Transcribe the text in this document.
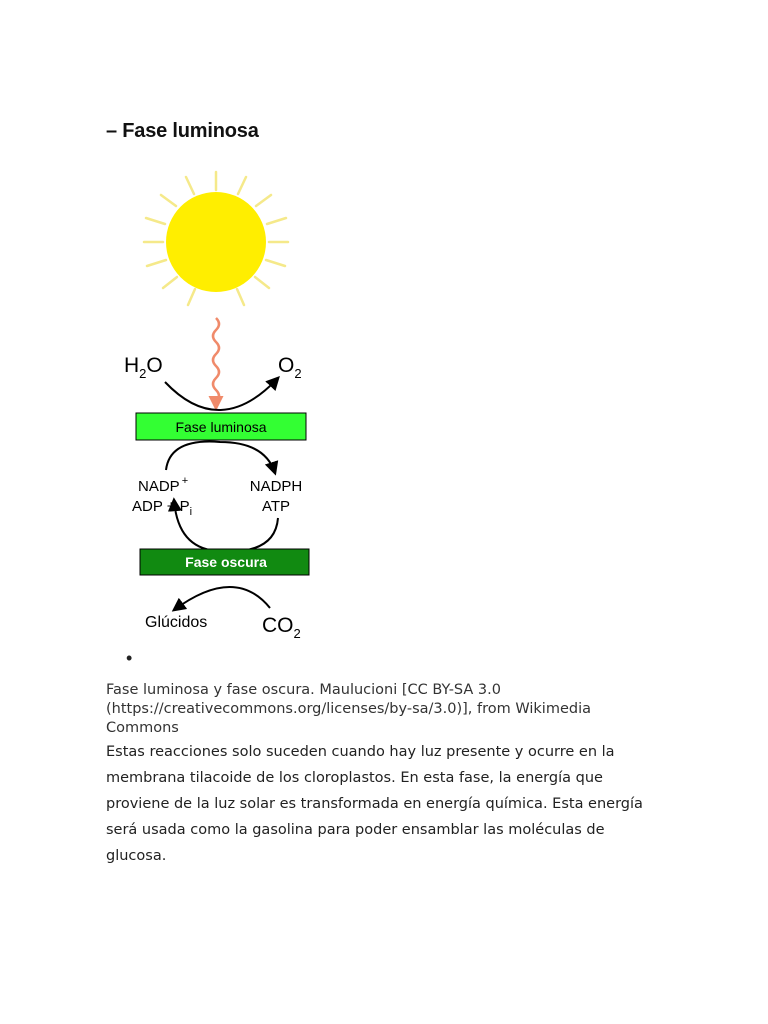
– Fase luminosa
$H_2O$	$O_2$
Fase luminosa
NADP +
ADP + $P_i$
NADPH
ATP
Fase oscura
Glúcidos	$CO_2$
•
Fase luminosa y fase oscura. Maulucioni [CC BY-SA 3.0 (https://creativecommons.org/licenses/by-sa/3.0)], from Wikimedia Commons
Estas reacciones solo suceden cuando hay luz presente y ocurre en la membrana tilacoide de los cloroplastos. En esta fase, la energía que proviene de la luz solar es transformada en energía química. Esta energía será usada como la gasolina para poder ensamblar las moléculas de glucosa.
